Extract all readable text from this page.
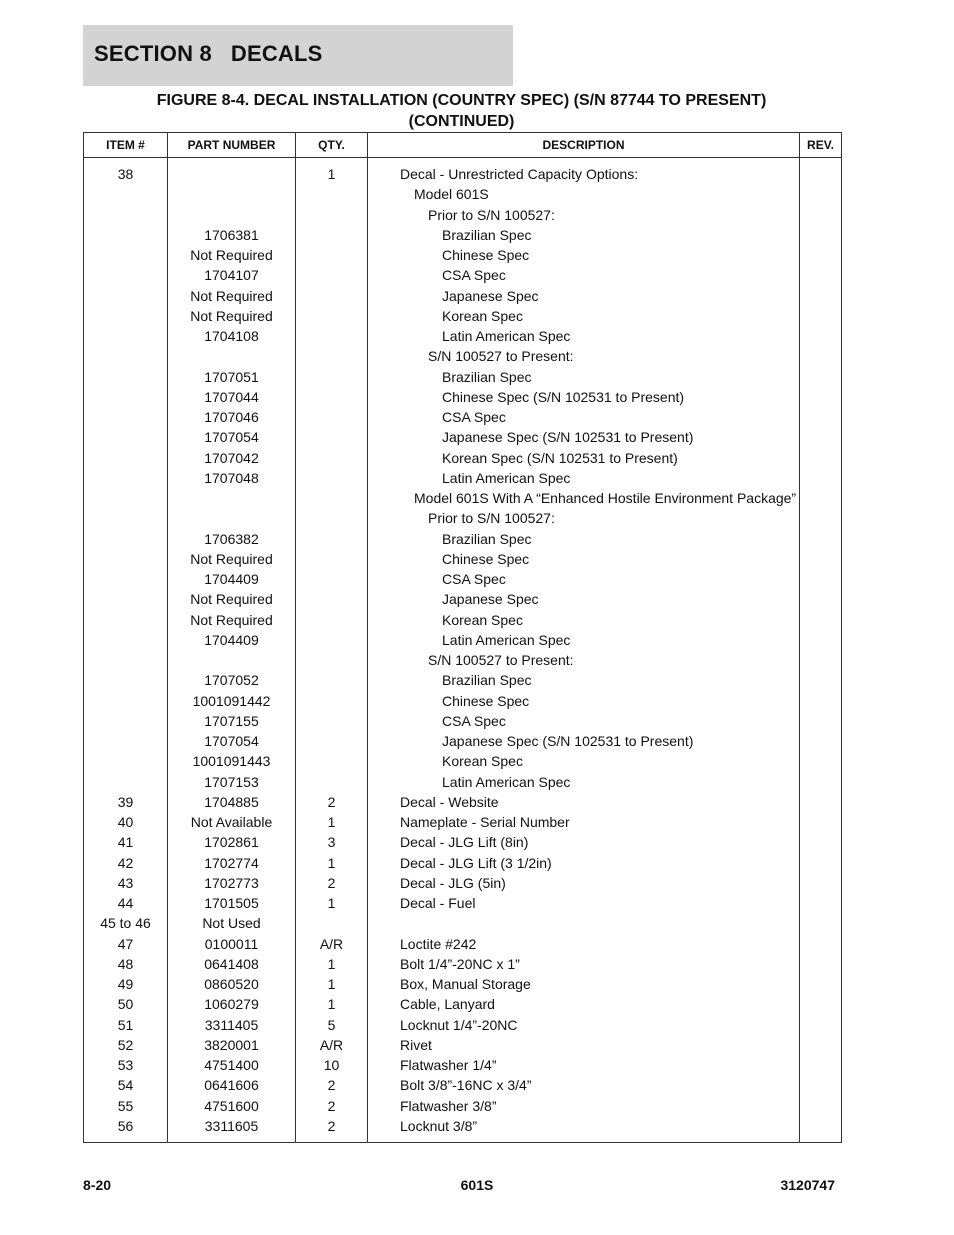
SECTION 8   DECALS
FIGURE 8-4. DECAL INSTALLATION (COUNTRY SPEC) (S/N 87744 TO PRESENT)
(CONTINUED)
ITEM #	PART NUMBER	QTY.	DESCRIPTION	REV.

38		1	Decal - Unrestricted Capacity Options:	
			Model 601S	
			Prior to S/N 100527:	
	1706381		Brazilian Spec	
	Not Required		Chinese Spec	
	1704107		CSA Spec	
	Not Required		Japanese Spec	
	Not Required		Korean Spec	
	1704108		Latin American Spec	
			S/N 100527 to Present:	
	1707051		Brazilian Spec	
	1707044		Chinese Spec (S/N 102531 to Present)	
	1707046		CSA Spec	
	1707054		Japanese Spec (S/N 102531 to Present)	
	1707042		Korean Spec (S/N 102531 to Present)	
	1707048		Latin American Spec	
			Model 601S With A “Enhanced Hostile Environment Package”	
			Prior to S/N 100527:	
	1706382		Brazilian Spec	
	Not Required		Chinese Spec	
	1704409		CSA Spec	
	Not Required		Japanese Spec	
	Not Required		Korean Spec	
	1704409		Latin American Spec	
			S/N 100527 to Present:	
	1707052		Brazilian Spec	
	1001091442		Chinese Spec	
	1707155		CSA Spec	
	1707054		Japanese Spec (S/N 102531 to Present)	
	1001091443		Korean Spec	
	1707153		Latin American Spec	
39	1704885	2	Decal - Website	
40	Not Available	1	Nameplate - Serial Number	
41	1702861	3	Decal - JLG Lift (8in)	
42	1702774	1	Decal - JLG Lift (3 1/2in)	
43	1702773	2	Decal - JLG (5in)	
44	1701505	1	Decal - Fuel	
45 to 46	Not Used			
47	0100011	A/R	Loctite #242	
48	0641408	1	Bolt 1/4”-20NC x 1”	
49	0860520	1	Box, Manual Storage	
50	1060279	1	Cable, Lanyard	
51	3311405	5	Locknut 1/4”-20NC	
52	3820001	A/R	Rivet	
53	4751400	10	Flatwasher 1/4”	
54	0641606	2	Bolt 3/8”-16NC x 3/4”	
55	4751600	2	Flatwasher 3/8”	
56	3311605	2	Locknut 3/8”	

8-20	601S	3120747
